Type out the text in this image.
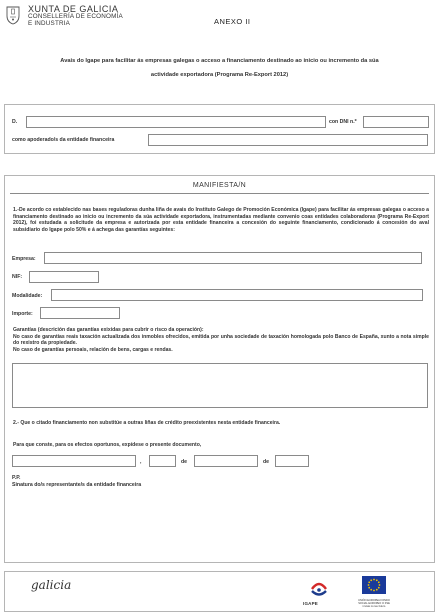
XUNTA DE GALICIA
CONSELLERÍA DE ECONOMÍA
E INDUSTRIA	ANEXO II
Avais do Igape para facilitar ás empresas galegas o acceso a financiamento destinado ao inicio ou incremento da súa
actividade exportadora (Programa Re-Export 2012)
D.	con DNI n.º
como apoderado/s da entidade financeira
MANIFIESTA/N
1.-De acordo co establecido nas bases reguladoras dunha liña de avais do Instituto Galego de Promoción Económica (Igape) para facilitar ás empresas galegas o acceso a financiamento destinado ao inicio ou incremento da súa actividade exportadora, instrumentadas mediante convenio coas entidades colaboradoras (Programa Re-Export 2012), foi estudada a solicitude da empresa e autorizada por esta entidade financeira a concesión do seguinte financiamento, condicionado á concesión do aval subsidiario do Igape polo 50% e á achega das garantías seguintes:
Empresa:
NIF:
Modalidade:
Importe:
Garantías (descrición das garantías exixidas para cubrir o risco da operación):
No caso de garantías reais taxación actualizada dos inmobles ofrecidos, emitida por unha sociedade de taxación homologada polo Banco de España, xunto a nota simple do rexistro da propiedade.
No caso de garantías persoais, relación de bens, cargas e rendas.
2.- Que o citado financiamento non substitúe a outras liñas de crédito preexistentes nesta entidade financeira.
Para que conste, para os efectos oportunos, expídese o presente documento,
,	de	de
P.P.
Sinatura do/s representante/s da entidade financeira
galicia
IGAPE
UNIÓN EUROPEA FONDO SOCIAL EUROPEO O FSE inviste no teu futuro
